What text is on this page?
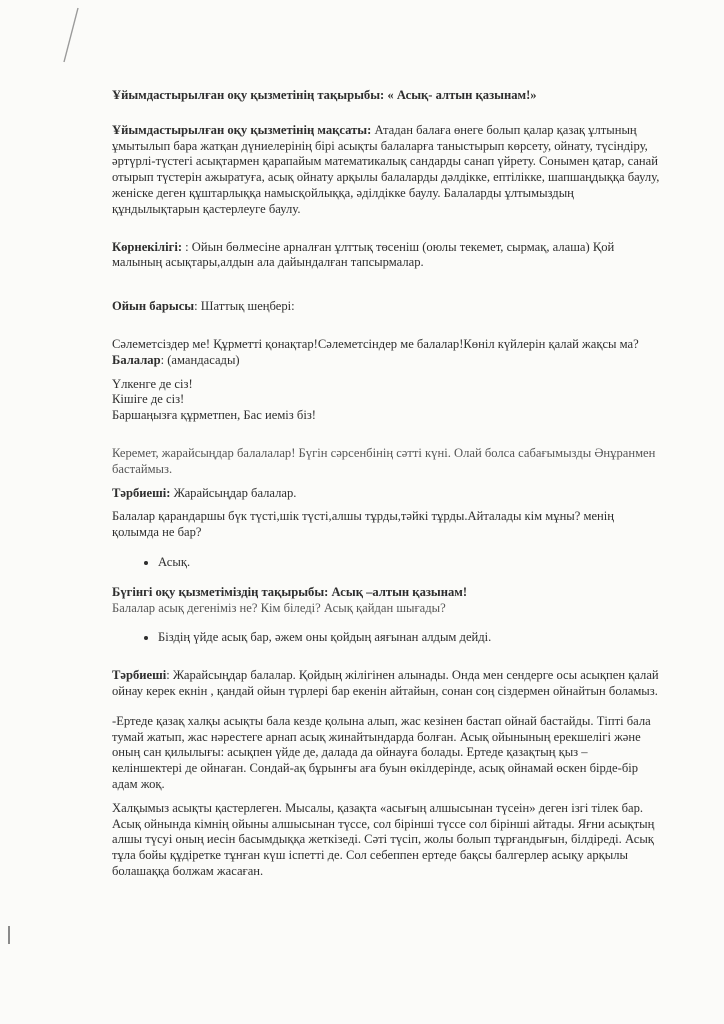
Ұйымдастырылған оқу қызметінің тақырыбы: « Асық- алтын қазынам!»

Ұйымдастырылған оқу қызметінің мақсаты: Атадан балаға өнеге болып қалар қазақ ұлтының ұмытылып бара жатқан дүниелерінің бірі асықты балаларға таныстырып көрсету, ойнату, түсіндіру, әртүрлі-түстегі асықтармен қарапайым математикалық сандарды санап үйрету. Сонымен қатар, санай отырып түстерін ажыратуға, асық ойнату арқылы балаларды дәлдікке, ептілікке, шапшаңдыққа баулу, женіске деген құштарлыққа намысқойлыққа, әділдікке баулу. Балаларды ұлтымыздың құндылықтарын қастерлеуге баулу.

Көрнекілігі: : Ойын бөлмесіне арналған ұлттық төсеніш (оюлы текемет, сырмақ, алаша) Қой малының асықтары,алдын ала дайындалған тапсырмалар.

Ойын барысы: Шаттық шеңбері:

Сәлеметсіздер ме! Құрметті қонақтар!Сәлеметсіндер ме балалар!Көніл күйлерін қалай жақсы ма?

Балалар: (амандасады)

Үлкенге де сіз!

Кішіге де сіз!

Баршаңызға құрметпен, Бас иеміз біз!

Керемет, жарайсыңдар балалалар! Бүгін сәрсенбінің сәтті күні. Олай болса сабағымызды Әнұранмен бастаймыз.

Тәрбиеші: Жарайсыңдар балалар.

Балалар қарандаршы бүк түсті,шік түсті,алшы тұрды,тәйкі тұрды.Айталады кім мұны? менің қолымда не бар?

• Асық.

Бүгінгі оқу қызметіміздің тақырыбы: Асық –алтын қазынам!

Балалар асық дегеніміз не? Кім біледі? Асық қайдан шығады?

• Біздің үйде асық бар, әжем оны қойдың аяғынан алдым дейді.

Тәрбиеші: Жарайсыңдар балалар. Қойдың жілігінен алынады. Онда мен сендерге осы асықпен қалай ойнау керек екнін , қандай ойын түрлері бар екенін айтайын, сонан соң сіздермен ойнайтын боламыз.

-Ертеде қазақ халқы асықты бала кезде қолына алып, жас кезінен бастап ойнай бастайды. Тіпті бала тумай жатып, жас нәрестеге арнап асық жинайтындарда болған. Асық ойынының ерекшелігі және оның сан қилылығы: асықпен үйде де, далада да ойнауға болады. Ертеде қазақтың қыз – келіншектері де ойнаған. Сондай-ақ бұрынғы аға буын өкілдерінде, асық ойнамай өскен бірде-бір адам жоқ.

Халқымыз асықты қастерлеген. Мысалы, қазақта «асығың алшысынан түсеін» деген ізгі тілек бар. Асық ойнында кімнің ойыны алшысынан түссе, сол бірінші түссе сол бірінші айтады. Яғни асықтың алшы түсуі оның иесін басымдыққа жеткізеді. Сәті түсіп, жолы болып тұрғандығын, білдіреді. Асық тұла бойы құдіретке тұнған күш іспетті де. Сол себеппен ертеде бақсы балгерлер асықу арқылы болашаққа болжам жасаған.
